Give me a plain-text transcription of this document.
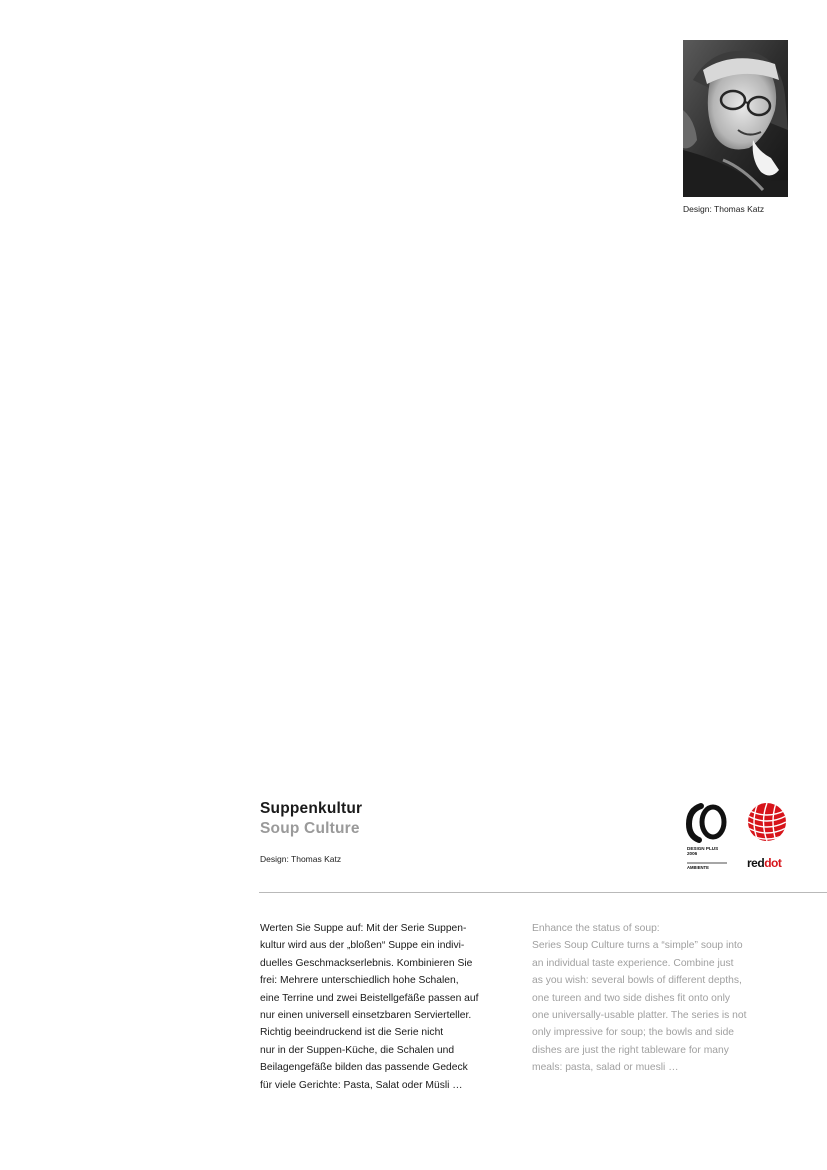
Design: Thomas Katz
Suppenkultur
Soup Culture
Design: Thomas Katz
DESIGN PLUS
2006
AMBIENTE	reddot
Werten Sie Suppe auf: Mit der Serie Suppen-
kultur wird aus der „bloßen“ Suppe ein indivi-
duelles Geschmackserlebnis. Kombinieren Sie
frei: Mehrere unterschiedlich hohe Schalen,
eine Terrine und zwei Beistellgefäße passen auf
nur einen universell einsetzbaren Servierteller.
Richtig beeindruckend ist die Serie nicht
nur in der Suppen-Küche, die Schalen und
Beilagengefäße bilden das passende Gedeck
für viele Gerichte: Pasta, Salat oder Müsli …
Enhance the status of soup:
Series Soup Culture turns a “simple” soup into
an individual taste experience. Combine just
as you wish: several bowls of different depths,
one tureen and two side dishes fit onto only
one universally-usable platter. The series is not
only impressive for soup; the bowls and side
dishes are just the right tableware for many
meals: pasta, salad or muesli …
